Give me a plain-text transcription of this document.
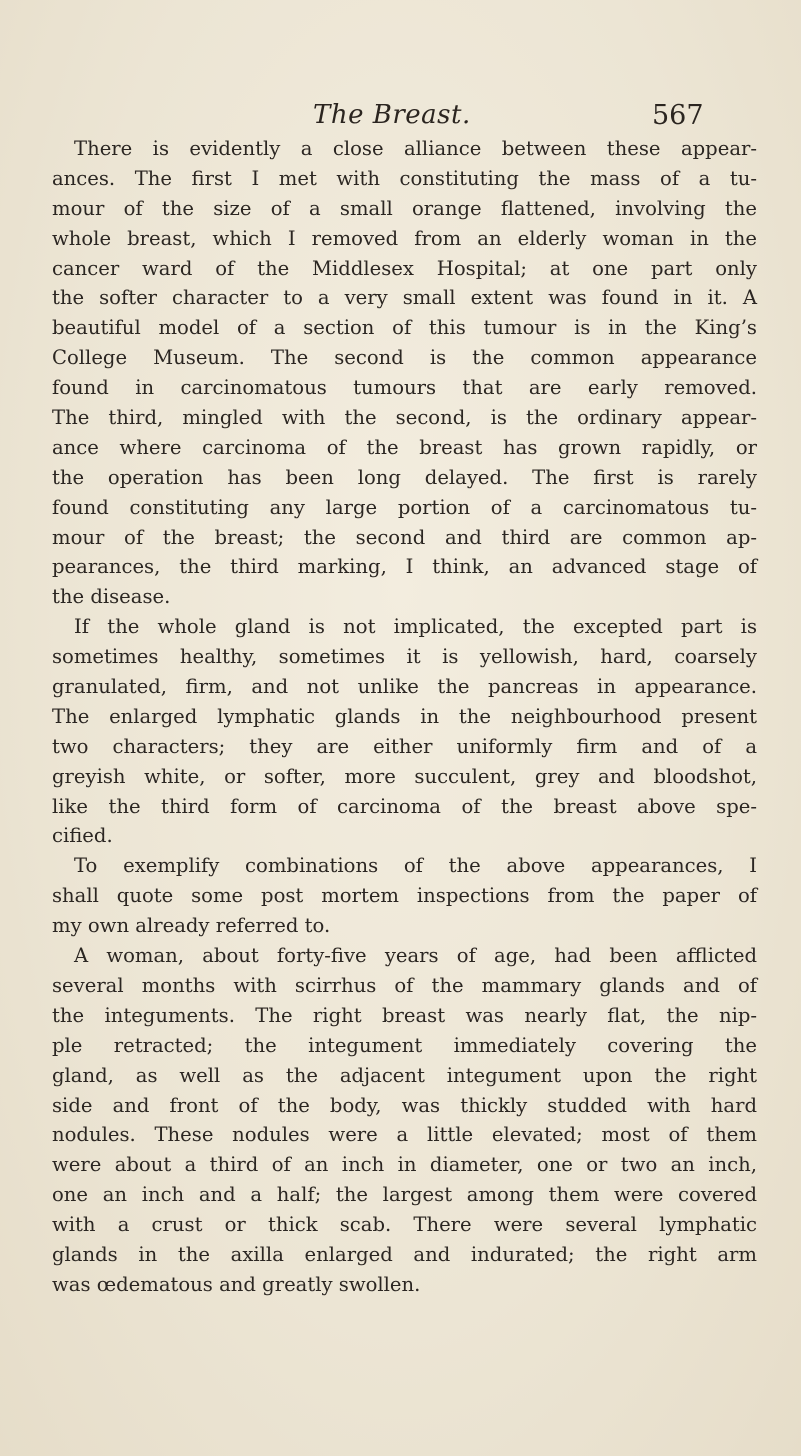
The Breast.	567
There is evidently a close alliance between these appear-
ances. The first I met with constituting the mass of a tu-
mour of the size of a small orange flattened, involving the
whole breast, which I removed from an elderly woman in the
cancer ward of the Middlesex Hospital; at one part only
the softer character to a very small extent was found in it. A
beautiful model of a section of this tumour is in the King’s
College Museum. The second is the common appearance
found in carcinomatous tumours that are early removed.
The third, mingled with the second, is the ordinary appear-
ance where carcinoma of the breast has grown rapidly, or
the operation has been long delayed. The first is rarely
found constituting any large portion of a carcinomatous tu-
mour of the breast; the second and third are common ap-
pearances, the third marking, I think, an advanced stage of
the disease.
If the whole gland is not implicated, the excepted part is
sometimes healthy, sometimes it is yellowish, hard, coarsely
granulated, firm, and not unlike the pancreas in appearance.
The enlarged lymphatic glands in the neighbourhood present
two characters; they are either uniformly firm and of a
greyish white, or softer, more succulent, grey and bloodshot,
like the third form of carcinoma of the breast above spe-
cified.
To exemplify combinations of the above appearances, I
shall quote some post mortem inspections from the paper of
my own already referred to.
A woman, about forty-five years of age, had been afflicted
several months with scirrhus of the mammary glands and of
the integuments. The right breast was nearly flat, the nip-
ple retracted; the integument immediately covering the
gland, as well as the adjacent integument upon the right
side and front of the body, was thickly studded with hard
nodules. These nodules were a little elevated; most of them
were about a third of an inch in diameter, one or two an inch,
one an inch and a half; the largest among them were covered
with a crust or thick scab. There were several lymphatic
glands in the axilla enlarged and indurated; the right arm
was œdematous and greatly swollen.
